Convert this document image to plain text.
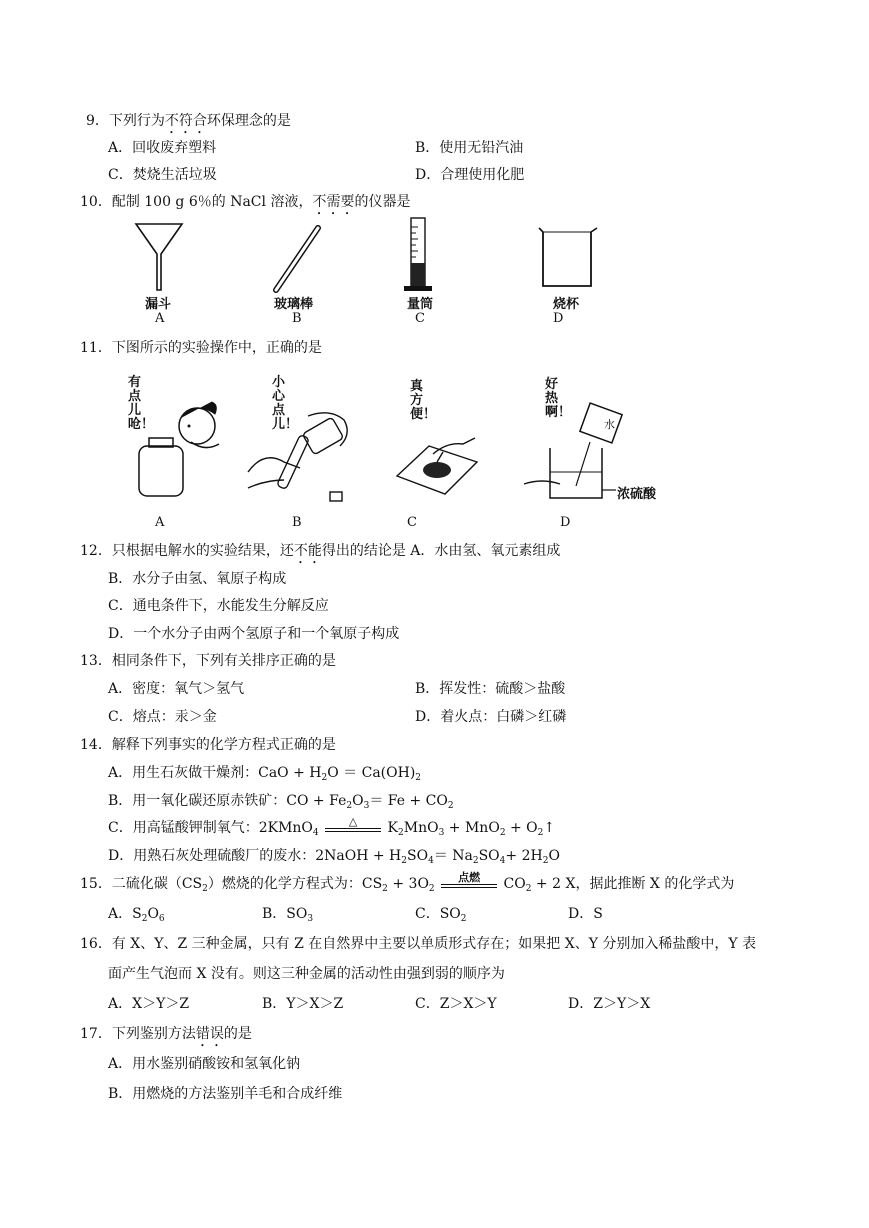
9．下列行为不符合环保理念的是
A．回收废弃塑料	B．使用无铅汽油
C．焚烧生活垃圾	D．合理使用化肥
10．配制 100 g 6％的 NaCl 溶液，不需要的仪器是
漏斗	玻璃棒	量筒	烧杯
A	B	C	D
11．下图所示的实验操作中，正确的是
有点儿呛！
小心点儿！
真方便！
好热啊！
水
浓硫酸
A	B	C	D
12．只根据电解水的实验结果，还不能得出的结论是 A．水由氢、氧元素组成
B．水分子由氢、氧原子构成
C．通电条件下，水能发生分解反应
D．一个水分子由两个氢原子和一个氧原子构成
13．相同条件下，下列有关排序正确的是
A．密度：氧气＞氢气	B．挥发性：硫酸＞盐酸
C．熔点：汞＞金	D．着火点：白磷＞红磷
14．解释下列事实的化学方程式正确的是
A．用生石灰做干燥剂：CaO + $H_2O = Ca(OH)_2$
B．用一氧化碳还原赤铁矿：CO + $Fe_2O_3= Fe + CO_2$
C．用高锰酸钾制氧气：2KMnO$_4$
△	$K_2MnO_3 + MnO_2$ + $O_2↑$
D．用熟石灰处理硫酸厂的废水：2NaOH + $H_2SO_4= Na_2SO_4+ 2H_2O$
15．二硫化碳$(CS_2)$燃烧的化学方程式为：$CS_2 + 3O_2$
点燃	$CO_2 + 2$ X，据此推断 X 的化学式为
A．$S_2O_6$	B．$SO_3$	C．$SO_2$	D．S
16．有 X、Y、Z 三种金属，只有 Z 在自然界中主要以单质形式存在；如果把 X、Y 分别加入稀盐酸中，Y 表
面产生气泡而 X 没有。则这三种金属的活动性由强到弱的顺序为
A．X＞Y＞Z	B．Y＞X＞Z	C．Z＞X＞Y	D．Z＞Y＞X
17．下列鉴别方法错误的是
A．用水鉴别硝酸铵和氢氧化钠
B．用燃烧的方法鉴别羊毛和合成纤维
